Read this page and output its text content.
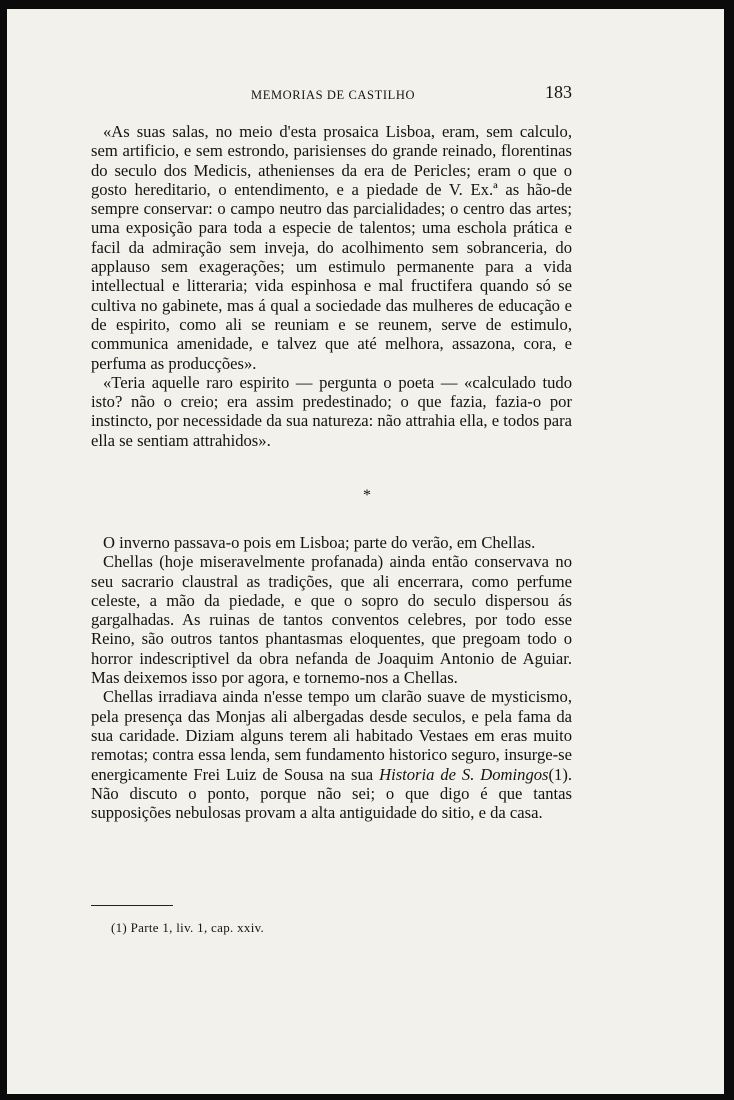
MEMORIAS DE CASTILHO	183

«As suas salas, no meio d'esta prosaica Lisboa, eram, sem calculo, sem artificio, e sem estrondo, parisienses do grande reinado, florentinas do seculo dos Medicis, athenienses da era de Pericles; eram o que o gosto hereditario, o entendimento, e a piedade de V. Ex.ª as hão-de sempre conservar: o campo neutro das parcialidades; o centro das artes; uma exposição para toda a especie de talentos; uma eschola prática e facil da admiração sem inveja, do acolhimento sem sobranceria, do applauso sem exagerações; um estimulo permanente para a vida intellectual e litteraria; vida espinhosa e mal fructifera quando só se cultiva no gabinete, mas á qual a sociedade das mulheres de educação e de espirito, como ali se reuniam e se reunem, serve de estimulo, communica amenidade, e talvez que até melhora, assazona, cora, e perfuma as producções».

«Teria aquelle raro espirito — pergunta o poeta — «calculado tudo isto? não o creio; era assim predestinado; o que fazia, fazia-o por instincto, por necessidade da sua natureza: não attrahia ella, e todos para ella se sentiam attrahidos».

*

O inverno passava-o pois em Lisboa; parte do verão, em Chellas.

Chellas (hoje miseravelmente profanada) ainda então conservava no seu sacrario claustral as tradições, que ali encerrara, como perfume celeste, a mão da piedade, e que o sopro do seculo dispersou ás gargalhadas. As ruinas de tantos conventos celebres, por todo esse Reino, são outros tantos phantasmas eloquentes, que pregoam todo o horror indescriptivel da obra nefanda de Joaquim Antonio de Aguiar. Mas deixemos isso por agora, e tornemo-nos a Chellas.

Chellas irradiava ainda n'esse tempo um clarão suave de mysticismo, pela presença das Monjas ali albergadas desde seculos, e pela fama da sua caridade. Diziam alguns terem ali habitado Vestaes em eras muito remotas; contra essa lenda, sem fundamento historico seguro, insurge-se energicamente Frei Luiz de Sousa na sua Historia de S. Domingos(1). Não discuto o ponto, porque não sei; o que digo é que tantas supposições nebulosas provam a alta antiguidade do sitio, e da casa.

(1) Parte 1, liv. 1, cap. xxiv.
